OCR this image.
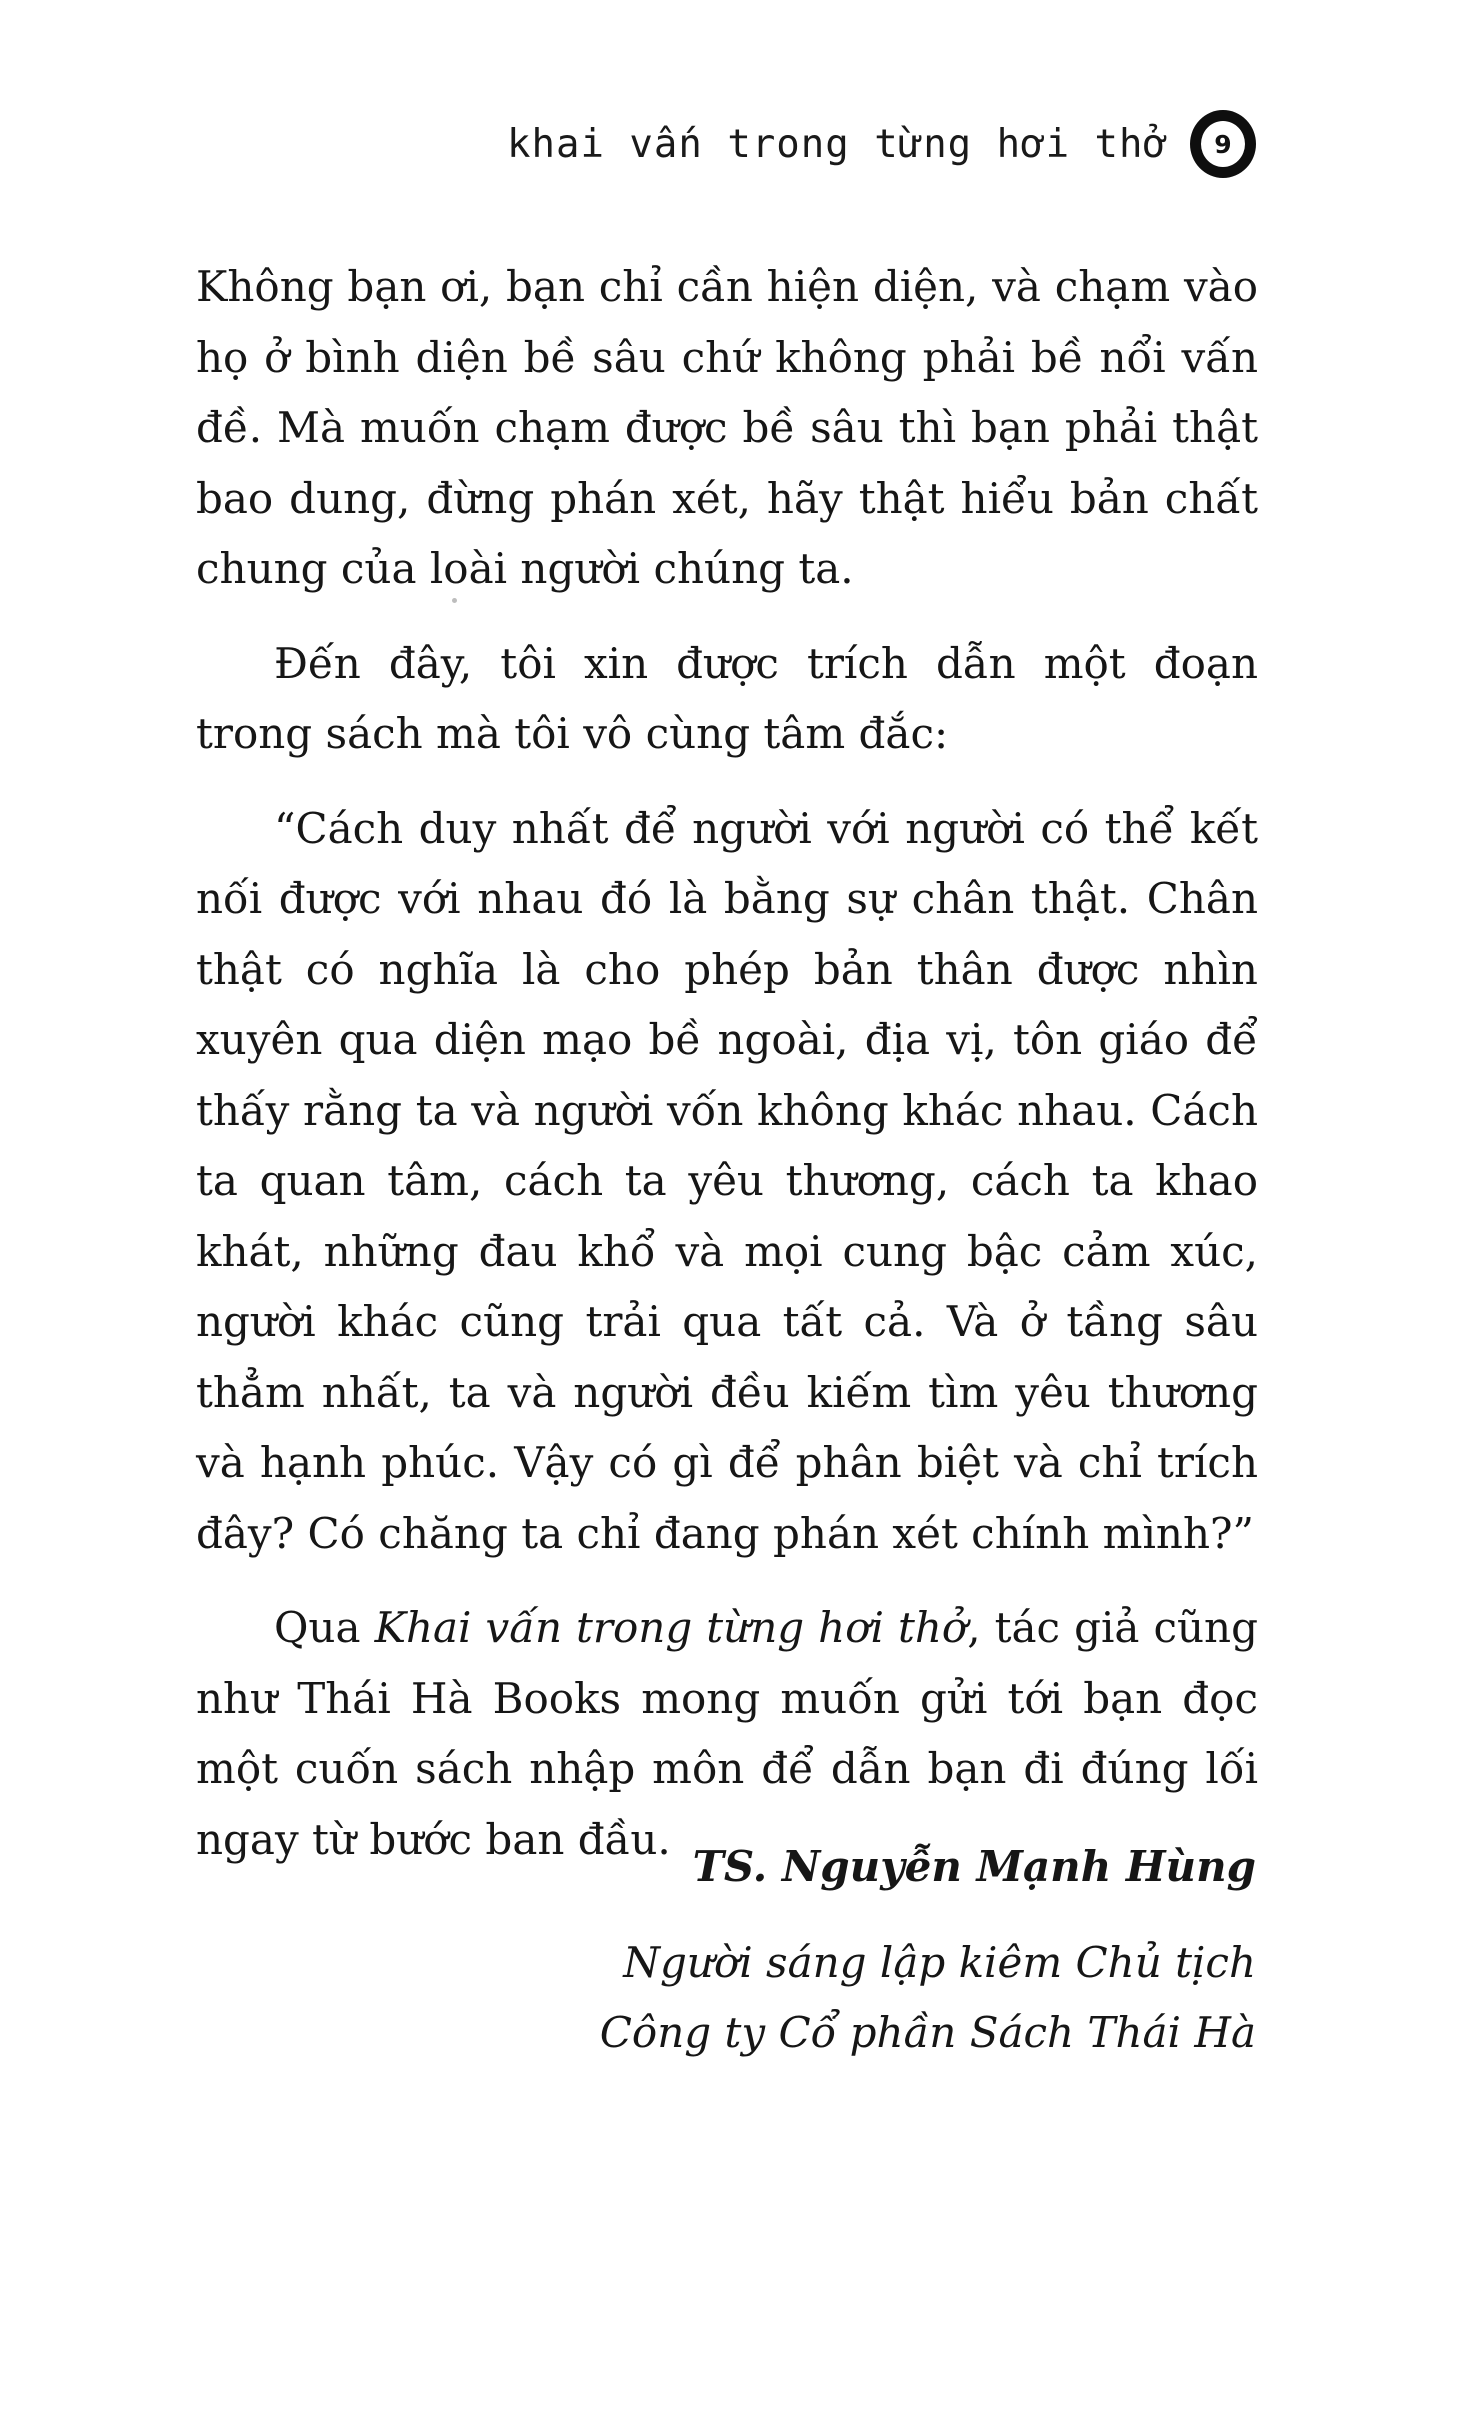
khai vấn trong từng hơi thở	9

Không bạn ơi, bạn chỉ cần hiện diện, và chạm vào họ ở bình diện bề sâu chứ không phải bề nổi vấn đề. Mà muốn chạm được bề sâu thì bạn phải thật bao dung, đừng phán xét, hãy thật hiểu bản chất chung của loài người chúng ta.

Đến đây, tôi xin được trích dẫn một đoạn trong sách mà tôi vô cùng tâm đắc:

“Cách duy nhất để người với người có thể kết nối được với nhau đó là bằng sự chân thật. Chân thật có nghĩa là cho phép bản thân được nhìn xuyên qua diện mạo bề ngoài, địa vị, tôn giáo để thấy rằng ta và người vốn không khác nhau. Cách ta quan tâm, cách ta yêu thương, cách ta khao khát, những đau khổ và mọi cung bậc cảm xúc, người khác cũng trải qua tất cả. Và ở tầng sâu thẳm nhất, ta và người đều kiếm tìm yêu thương và hạnh phúc. Vậy có gì để phân biệt và chỉ trích đây? Có chăng ta chỉ đang phán xét chính mình?”

Qua Khai vấn trong từng hơi thở, tác giả cũng như Thái Hà Books mong muốn gửi tới bạn đọc một cuốn sách nhập môn để dẫn bạn đi đúng lối ngay từ bước ban đầu.

TS. Nguyễn Mạnh Hùng

Người sáng lập kiêm Chủ tịch

Công ty Cổ phần Sách Thái Hà
